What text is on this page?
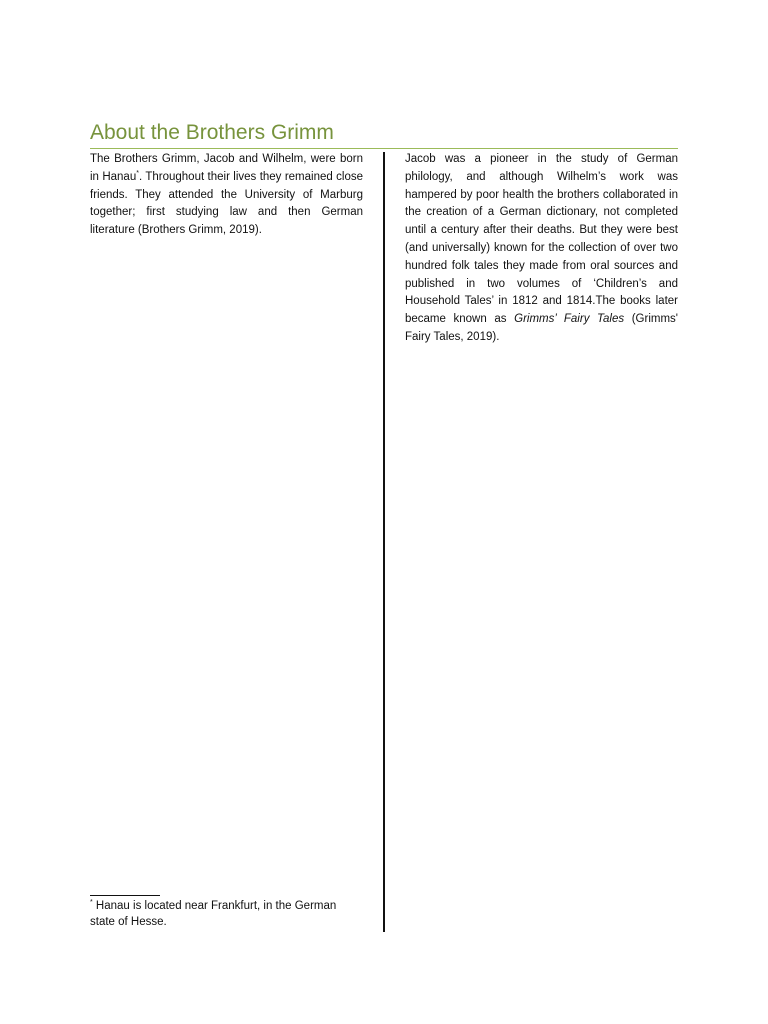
About the Brothers Grimm

The Brothers Grimm, Jacob and Wilhelm, were born in Hanau*. Throughout their lives they remained close friends. They attended the University of Marburg together; first studying law and then German literature (Brothers Grimm, 2019).

Jacob was a pioneer in the study of German philology, and although Wilhelm’s work was hampered by poor health the brothers collaborated in the creation of a German dictionary, not completed until a century after their deaths. But they were best (and universally) known for the collection of over two hundred folk tales they made from oral sources and published in two volumes of ‘Children’s and Household Tales’ in 1812 and 1814.The books later became known as Grimms’ Fairy Tales (Grimms' Fairy Tales, 2019).

* Hanau is located near Frankfurt, in the German state of Hesse.
